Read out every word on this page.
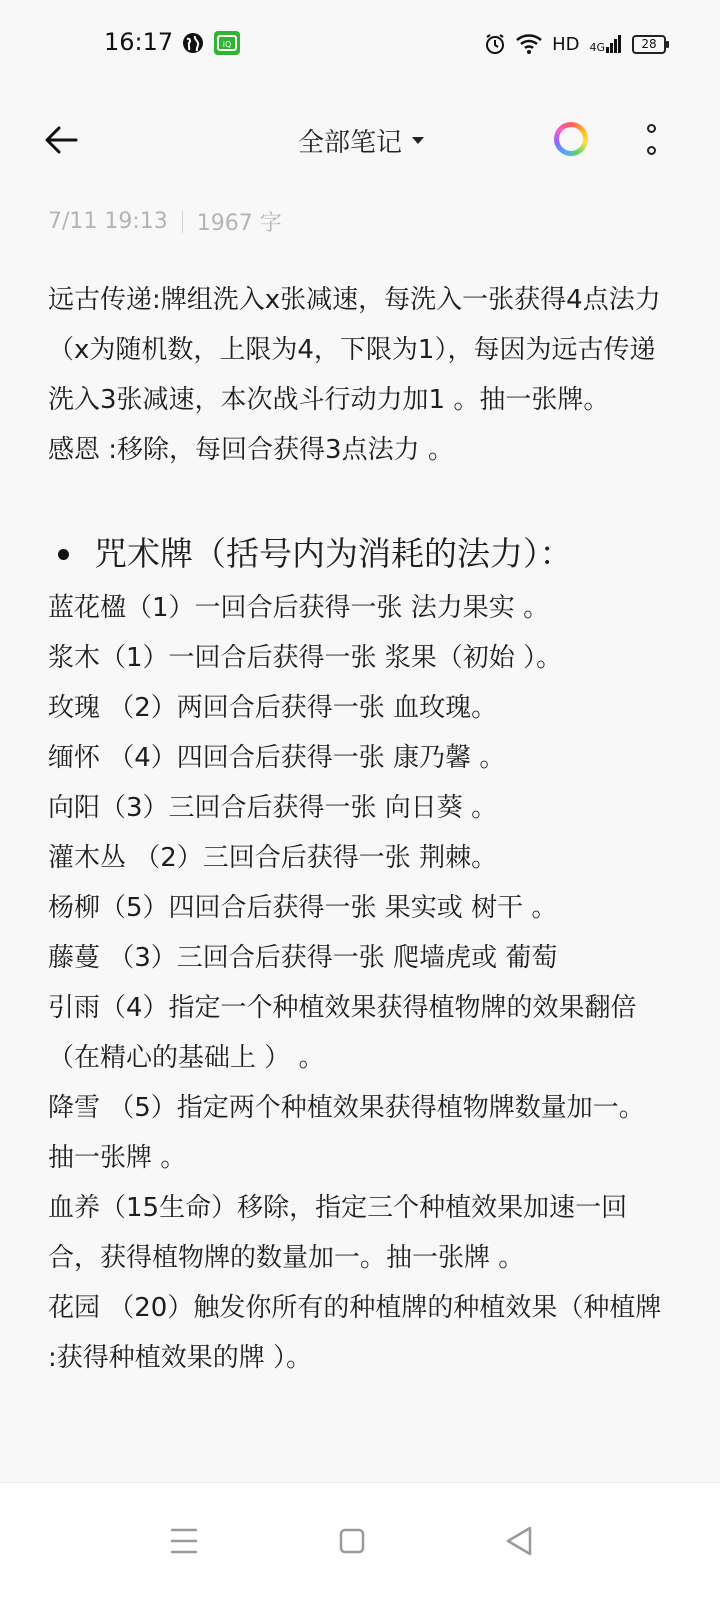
16:17	iQ	HD 4G	28
全部笔记
7/11 19:13 1967 字

远古传递:牌组洗入x张减速，每洗入一张获得4点法力（x为随机数，上限为4，下限为1），每因为远古传递洗入3张减速，本次战斗行动力加1 。抽一张牌。

感恩 :移除，每回合获得3点法力 。

咒术牌（括号内为消耗的法力）：

蓝花楹（1）一回合后获得一张 法力果实 。

浆木（1）一回合后获得一张 浆果（初始 ）。

玫瑰 （2）两回合后获得一张 血玫瑰。

缅怀 （4）四回合后获得一张 康乃馨 。

向阳（3）三回合后获得一张 向日葵 。

灌木丛 （2）三回合后获得一张 荆棘。

杨柳（5）四回合后获得一张 果实或 树干 。

藤蔓 （3）三回合后获得一张 爬墙虎或 葡萄

引雨（4）指定一个种植效果获得植物牌的效果翻倍（在精心的基础上 ） 。

降雪 （5）指定两个种植效果获得植物牌数量加一。抽一张牌 。

血养（15生命）移除，指定三个种植效果加速一回合，获得植物牌的数量加一。抽一张牌 。

花园 （20）触发你所有的种植牌的种植效果（种植牌 :获得种植效果的牌 ）。
